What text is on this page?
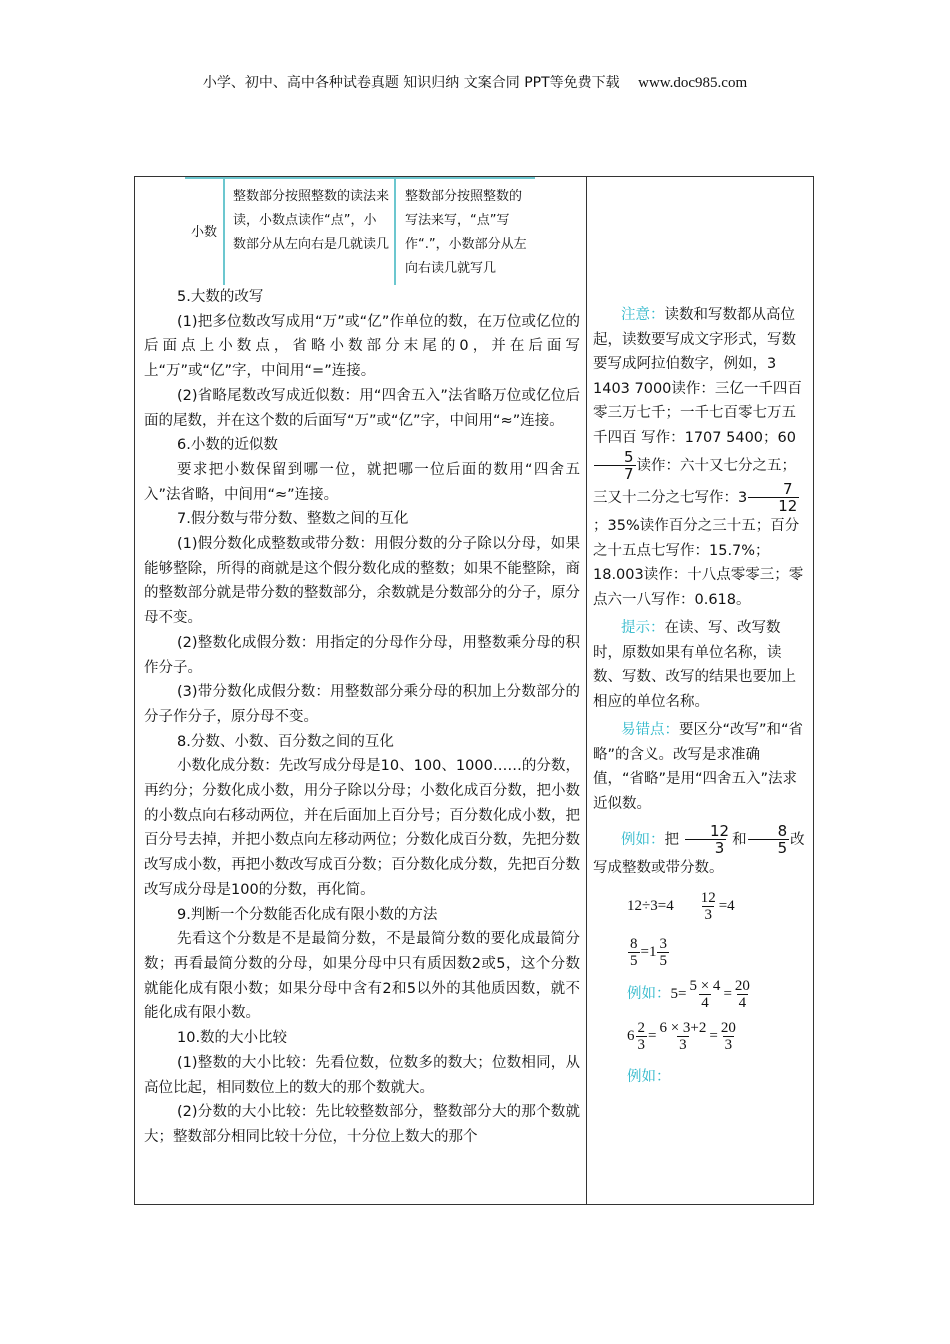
小学、初中、高中各种试卷真题 知识归纳 文案合同 PPT等免费下载 www.doc985.com
小数
整数部分按照整数的读法来读，小数点读作“点”，小数部分从左向右是几就读几
整数部分按照整数的写法来写，“点”写作“.”，小数部分从左向右读几就写几

5.大数的改写

(1)把多位数改写成用“万”或“亿”作单位的数，在万位或亿位的后面点上小数点，省略小数部分末尾的0，并在后面写上“万”或“亿”字，中间用“=”连接。

(2)省略尾数改写成近似数：用“四舍五入”法省略万位或亿位后面的尾数，并在这个数的后面写“万”或“亿”字，中间用“≈”连接。

6.小数的近似数

要求把小数保留到哪一位，就把哪一位后面的数用“四舍五入”法省略，中间用“≈”连接。

7.假分数与带分数、整数之间的互化

(1)假分数化成整数或带分数：用假分数的分子除以分母，如果能够整除，所得的商就是这个假分数化成的整数；如果不能整除，商的整数部分就是带分数的整数部分，余数就是分数部分的分子，原分母不变。

(2)整数化成假分数：用指定的分母作分母，用整数乘分母的积作分子。

(3)带分数化成假分数：用整数部分乘分母的积加上分数部分的分子作分子，原分母不变。

8.分数、小数、百分数之间的互化

小数化成分数：先改写成分母是10、100、1000……的分数，再约分；分数化成小数，用分子除以分母；小数化成百分数，把小数的小数点向右移动两位，并在后面加上百分号；百分数化成小数，把百分号去掉，并把小数点向左移动两位；分数化成百分数，先把分数改写成小数，再把小数改写成百分数；百分数化成分数，先把百分数改写成分母是100的分数，再化简。

9.判断一个分数能否化成有限小数的方法

先看这个分数是不是最简分数，不是最简分数的要化成最简分数；再看最简分数的分母，如果分母中只有质因数2或5，这个分数就能化成有限小数；如果分母中含有2和5以外的其他质因数，就不能化成有限小数。

10.数的大小比较

(1)整数的大小比较：先看位数，位数多的数大；位数相同，从高位比起，相同数位上的数大的那个数就大。

(2)分数的大小比较：先比较整数部分，整数部分大的那个数就大；整数部分相同比较十分位，十分位上数大的那个

注意：读数和写数都从高位起，读数要写成文字形式，写数要写成阿拉伯数字，例如，3 1403 7000读作：三亿一千四百零三万七千；一千七百零七万五千四百 写作：1707 5400；60
$\frac{5}{7}$ 读作：六十又七分之五；三又十二分之七写作：$3 \frac{7}{12}$
；35%读作百分之三十五；百分之十五点七写作：15.7%；18.003读作：十八点零零三；零点六一八写作：0.618。

提示：在读、写、改写数时，原数如果有单位名称，读数、写数、改写的结果也要加上相应的单位名称。

易错点：要区分“改写”和“省略”的含义。改写是求准确值，“省略”是用“四舍五入”法求近似数。

例如：把 $\frac{12}{3}$ 和 $\frac{8}{5}$ 改写成整数或带分数。

$12\div 3=4 \frac{12}{3} =4$
$\frac{8}{5} =1 \frac{3}{5}$
例如： $5= \frac{5 \times 4}{4} = \frac{20}{4}$
$6 \frac{2}{3} = \frac{6 \times 3+2}{3} = \frac{20}{3}$

例如：
